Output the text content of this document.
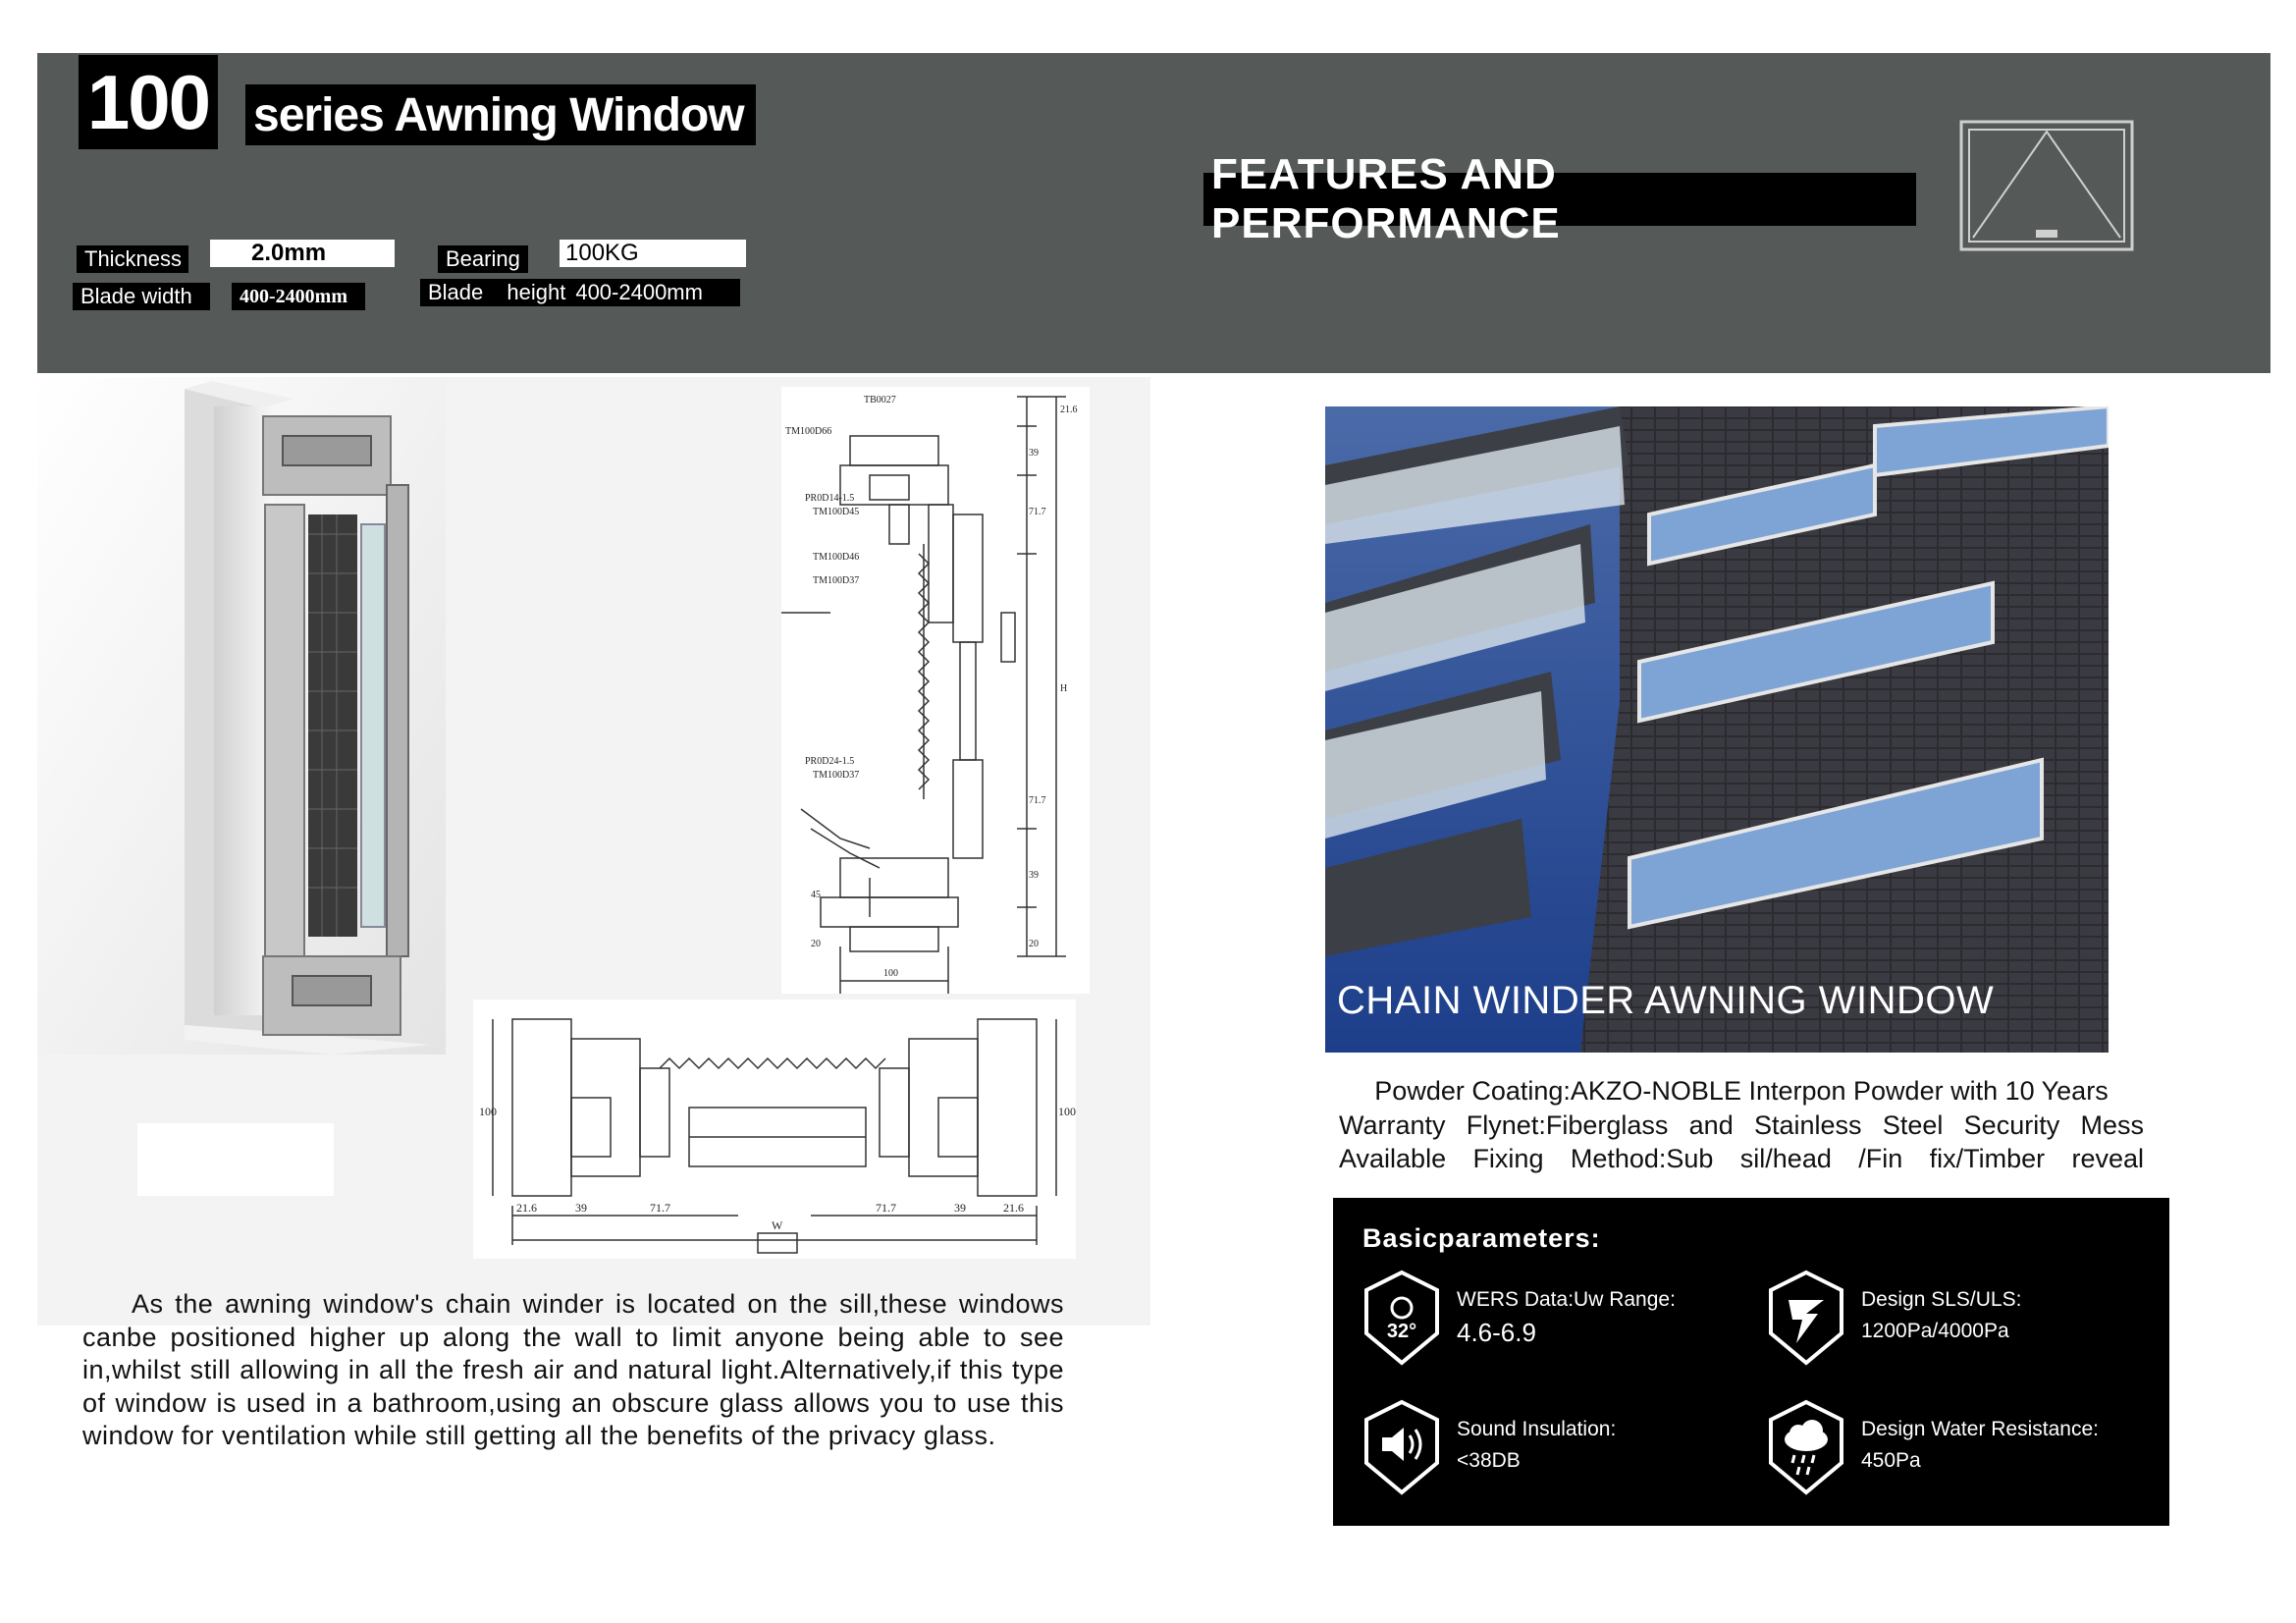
100 series Awning Window
Thickness	2.0mm	Bearing	100KG
Blade width	400-2400mm	Blade height 400-2400mm
FEATURES AND PERFORMANCE
TB0027
TM100D66
PR0D14-1.5
TM100D45
TM100D46
TM100D37
PR0D24-1.5
TM100D37
21.6
39
71.7
H
71.7
39
45
20	20
100
100	100
21.6	39	71.7	71.7	39	21.6
W

As the awning window's chain winder is located on the sill,these windows canbe positioned higher up along the wall to limit anyone being able to see in,whilst still allowing in all the fresh air and natural light.Alternatively,if this type of window is used in a bathroom,using an obscure glass allows you to use this window for ventilation while still getting all the benefits of the privacy glass.

CHAIN WINDER AWNING WINDOW

Powder Coating:AKZO-NOBLE Interpon Powder with 10 Years

Warranty Flynet:Fiberglass and Stainless Steel Security Mess

Available Fixing Method:Sub sil/head /Fin fix/Timber reveal

Basicparameters:
32°
WERS Data:Uw Range:
4.6-6.9
Design SLS/ULS:
1200Pa/4000Pa
Sound Insulation:
<38DB
Design Water Resistance:
450Pa
